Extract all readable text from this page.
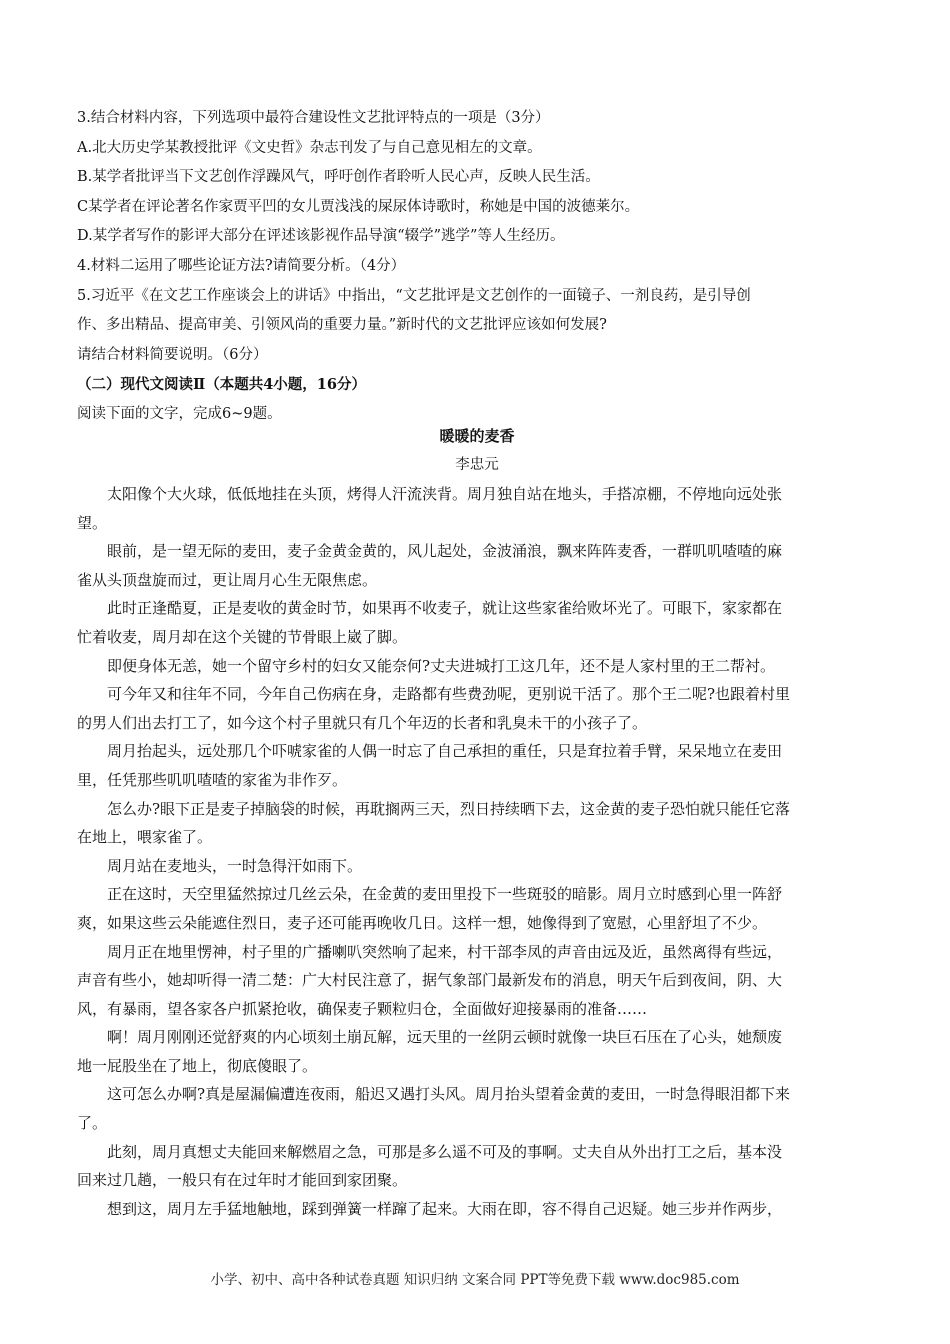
3.结合材料内容，下列选项中最符合建设性文艺批评特点的一项是（3分）
A.北大历史学某教授批评《文史哲》杂志刊发了与自己意见相左的文章。
B.某学者批评当下文艺创作浮躁风气，呼吁创作者聆听人民心声，反映人民生活。
C某学者在评论著名作家贾平凹的女儿贾浅浅的屎尿体诗歌时，称她是中国的波德莱尔。
D.某学者写作的影评大部分在评述该影视作品导演“辍学”逃学”等人生经历。
4.材料二运用了哪些论证方法?请简要分析。（4分）
5.习近平《在文艺工作座谈会上的讲话》中指出，“文艺批评是文艺创作的一面镜子、一剂良药，是引导创
作、多出精品、提高审美、引领风尚的重要力量。”新时代的文艺批评应该如何发展?
请结合材料简要说明。（6分）
（二）现代文阅读Ⅱ（本题共4小题，16分）
阅读下面的文字，完成6~9题。
暖暖的麦香
李忠元
太阳像个大火球，低低地挂在头顶，烤得人汗流浃背。周月独自站在地头，手搭凉棚，不停地向远处张
望。
眼前，是一望无际的麦田，麦子金黄金黄的，风儿起处，金波涌浪，飘来阵阵麦香，一群叽叽喳喳的麻
雀从头顶盘旋而过，更让周月心生无限焦虑。
此时正逢酷夏，正是麦收的黄金时节，如果再不收麦子，就让这些家雀给败坏光了。可眼下，家家都在
忙着收麦，周月却在这个关键的节骨眼上崴了脚。
即便身体无恙，她一个留守乡村的妇女又能奈何?丈夫进城打工这几年，还不是人家村里的王二帮衬。
可今年又和往年不同，今年自己伤病在身，走路都有些费劲呢，更别说干活了。那个王二呢?也跟着村里
的男人们出去打工了，如今这个村子里就只有几个年迈的长者和乳臭未干的小孩子了。
周月抬起头，远处那几个吓唬家雀的人偶一时忘了自己承担的重任，只是耷拉着手臂，呆呆地立在麦田
里，任凭那些叽叽喳喳的家雀为非作歹。
怎么办?眼下正是麦子掉脑袋的时候，再耽搁两三天，烈日持续晒下去，这金黄的麦子恐怕就只能任它落
在地上，喂家雀了。
周月站在麦地头，一时急得汗如雨下。
正在这时，天空里猛然掠过几丝云朵，在金黄的麦田里投下一些斑驳的暗影。周月立时感到心里一阵舒
爽，如果这些云朵能遮住烈日，麦子还可能再晚收几日。这样一想，她像得到了宽慰，心里舒坦了不少。
周月正在地里愣神，村子里的广播喇叭突然响了起来，村干部李凤的声音由远及近，虽然离得有些远，
声音有些小，她却听得一清二楚：广大村民注意了，据气象部门最新发布的消息，明天午后到夜间，阴、大
风，有暴雨，望各家各户抓紧抢收，确保麦子颗粒归仓，全面做好迎接暴雨的准备……
啊！周月刚刚还觉舒爽的内心顷刻土崩瓦解，远天里的一丝阴云顿时就像一块巨石压在了心头，她颓废
地一屁股坐在了地上，彻底傻眼了。
这可怎么办啊?真是屋漏偏遭连夜雨，船迟又遇打头风。周月抬头望着金黄的麦田，一时急得眼泪都下来
了。
此刻，周月真想丈夫能回来解燃眉之急，可那是多么遥不可及的事啊。丈夫自从外出打工之后，基本没
回来过几趟，一般只有在过年时才能回到家团聚。
想到这，周月左手猛地触地，踩到弹簧一样蹿了起来。大雨在即，容不得自己迟疑。她三步并作两步，
小学、初中、高中各种试卷真题 知识归纳 文案合同 PPT等免费下载 www.doc985.com
